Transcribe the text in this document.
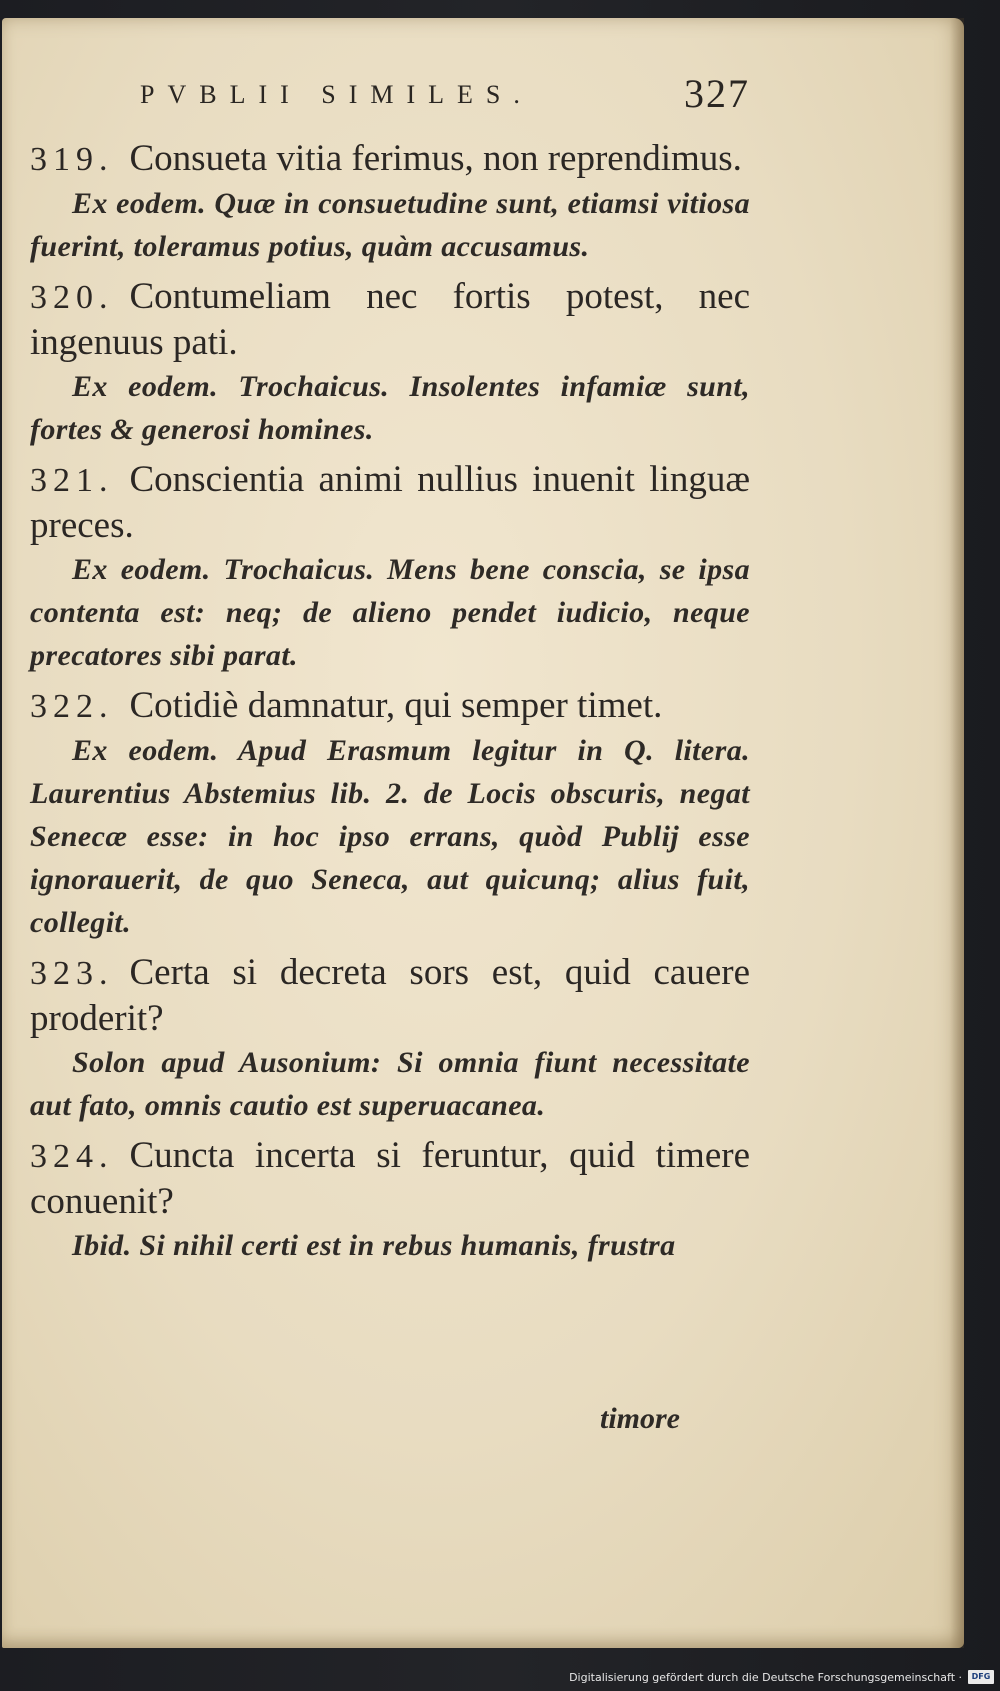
PVBLII SIMILES.	327

319. Consueta vitia ferimus, non reprendimus.

Ex eodem. Quæ in consuetudine sunt, etiamsi vitiosa fuerint, toleramus potius, quàm accusamus.

320. Contumeliam nec fortis potest, nec ingenuus pati.

Ex eodem. Trochaicus. Insolentes infamiæ sunt, fortes & generosi homines.

321. Conscientia animi nullius inuenit linguæ preces.

Ex eodem. Trochaicus. Mens bene conscia, se ipsa contenta est: neq; de alieno pendet iudicio, neque precatores sibi parat.

322. Cotidiè damnatur, qui semper timet.

Ex eodem. Apud Erasmum legitur in Q. litera. Laurentius Abstemius lib. 2. de Locis obscuris, negat Senecæ esse: in hoc ipso errans, quòd Publij esse ignorauerit, de quo Seneca, aut quicunq; alius fuit, collegit.

323. Certa si decreta sors est, quid cauere proderit?

Solon apud Ausonium: Si omnia fiunt necessitate aut fato, omnis cautio est superuacanea.

324. Cuncta incerta si feruntur, quid timere conuenit?

Ibid. Si nihil certi est in rebus humanis, frustra

timore
Digitalisierung gefördert durch die Deutsche Forschungsgemeinschaft ·	DFG
